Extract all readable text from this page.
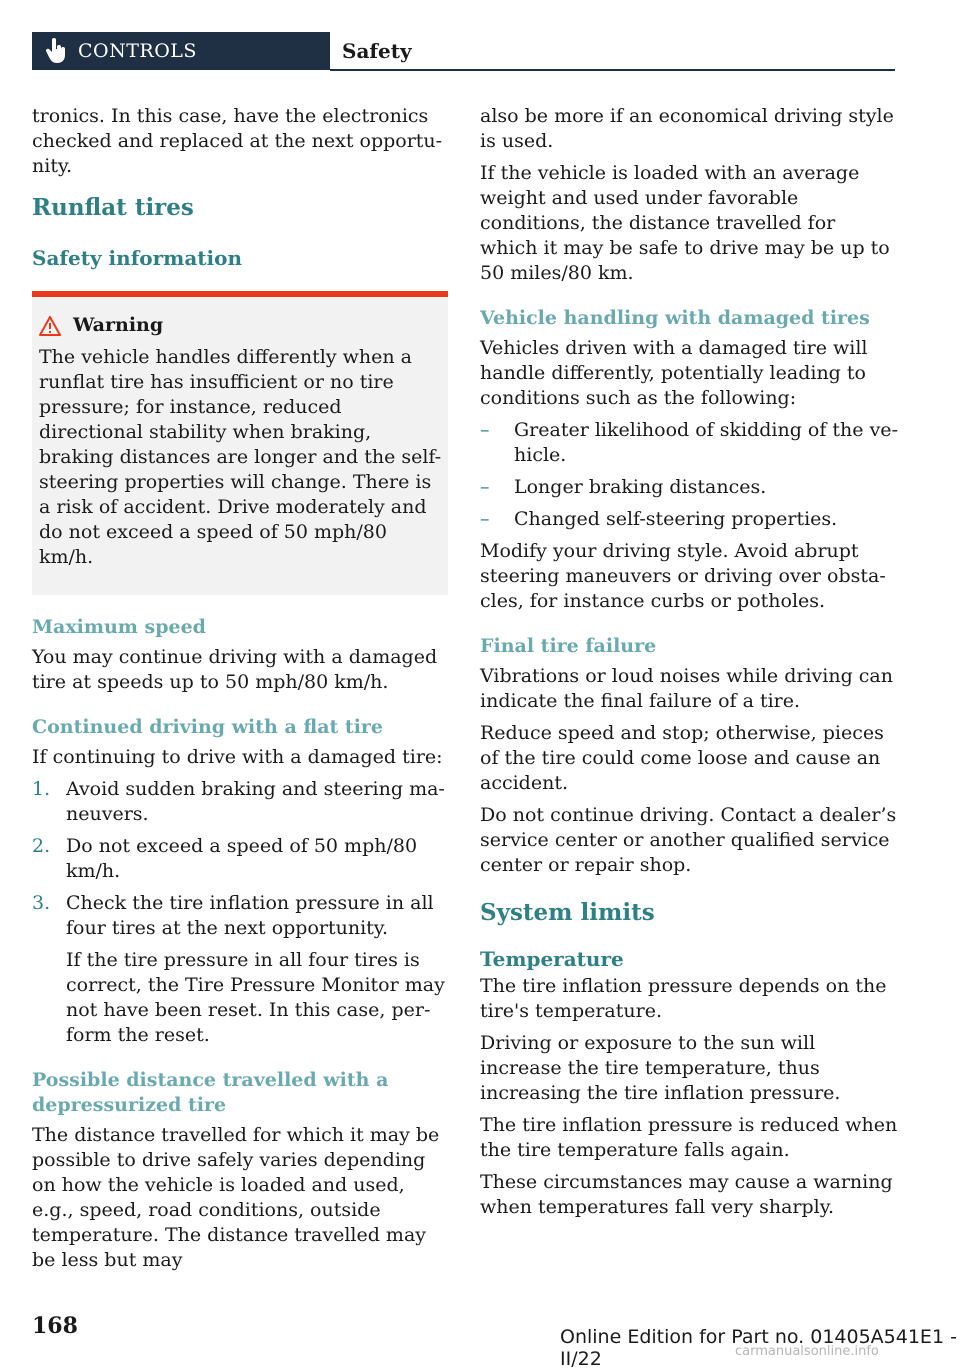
CONTROLS	Safety

tronics. In this case, have the electronics checked and replaced at the next opportunity.

Runflat tires
Safety information
Warning

The vehicle handles differently when a runflat tire has insufficient or no tire pressure; for instance, reduced directional stability when braking, braking distances are longer and the self-steering properties will change. There is a risk of accident. Drive moderately and do not exceed a speed of 50 mph/80 km/h.

Maximum speed

You may continue driving with a damaged tire at speeds up to 50 mph/80 km/h.

Continued driving with a flat tire

If continuing to drive with a damaged tire:

1. Avoid sudden braking and steering maneuvers.
2. Do not exceed a speed of 50 mph/80 km/h.
3. Check the tire inflation pressure in all four tires at the next opportunity.
If the tire pressure in all four tires is correct, the Tire Pressure Monitor may not have been reset. In this case, perform the reset.
Possible distance travelled with a depressurized tire

The distance travelled for which it may be possible to drive safely varies depending on how the vehicle is loaded and used, e.g., speed, road conditions, outside temperature. The distance travelled may be less but may

also be more if an economical driving style is used.

If the vehicle is loaded with an average weight and used under favorable conditions, the distance travelled for which it may be safe to drive may be up to 50 miles/80 km.

Vehicle handling with damaged tires

Vehicles driven with a damaged tire will handle differently, potentially leading to conditions such as the following:

– Greater likelihood of skidding of the vehicle.
– Longer braking distances.
– Changed self-steering properties.

Modify your driving style. Avoid abrupt steering maneuvers or driving over obstacles, for instance curbs or potholes.

Final tire failure

Vibrations or loud noises while driving can indicate the final failure of a tire.

Reduce speed and stop; otherwise, pieces of the tire could come loose and cause an accident.

Do not continue driving. Contact a dealer’s service center or another qualified service center or repair shop.

System limits
Temperature

The tire inflation pressure depends on the tire's temperature.

Driving or exposure to the sun will increase the tire temperature, thus increasing the tire inflation pressure.

The tire inflation pressure is reduced when the tire temperature falls again.

These circumstances may cause a warning when temperatures fall very sharply.

168	Online Edition for Part no. 01405A541E1 - II/22	carmanualsonline.info
